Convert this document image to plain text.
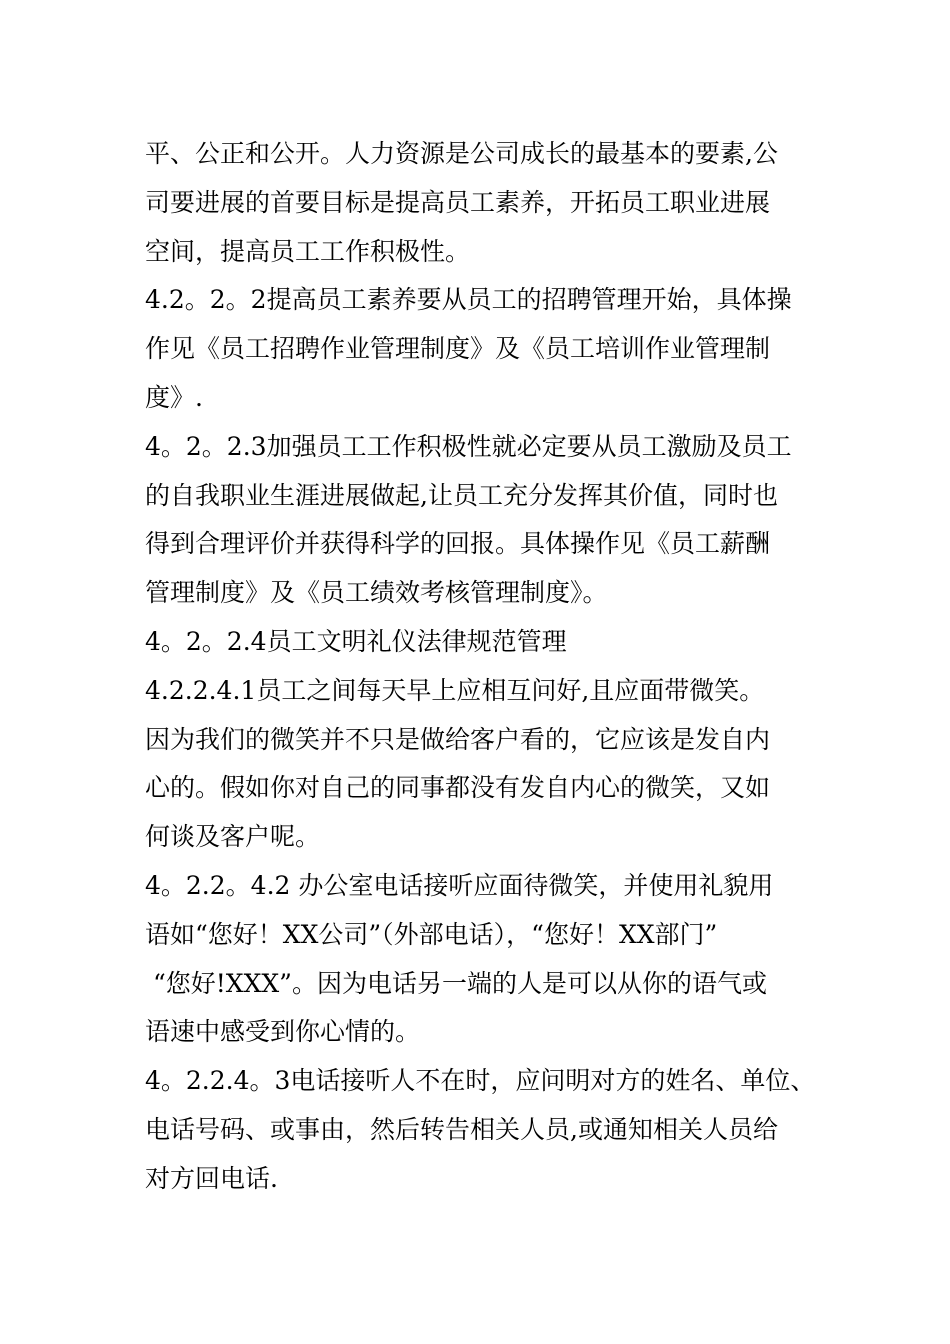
平、公正和公开。人力资源是公司成长的最基本的要素,公
司要进展的首要目标是提高员工素养，开拓员工职业进展
空间，提高员工工作积极性。
4.2。2。2提高员工素养要从员工的招聘管理开始，具体操
作见《员工招聘作业管理制度》及《员工培训作业管理制
度》.
4。2。2.3加强员工工作积极性就必定要从员工激励及员工
的自我职业生涯进展做起,让员工充分发挥其价值，同时也
得到合理评价并获得科学的回报。具体操作见《员工薪酬
管理制度》及《员工绩效考核管理制度》。
4。2。2.4员工文明礼仪法律规范管理
4.2.2.4.1员工之间每天早上应相互问好,且应面带微笑。
因为我们的微笑并不只是做给客户看的，它应该是发自内
心的。假如你对自己的同事都没有发自内心的微笑，又如
何谈及客户呢。
4。2.2。4.2 办公室电话接听应面待微笑，并使用礼貌用
语如“您好！XX公司”（外部电话），“您好！XX部门”
“您好!XXX”。因为电话另一端的人是可以从你的语气或
语速中感受到你心情的。
4。2.2.4。3电话接听人不在时，应问明对方的姓名、单位、
电话号码、或事由，然后转告相关人员,或通知相关人员给
对方回电话.
